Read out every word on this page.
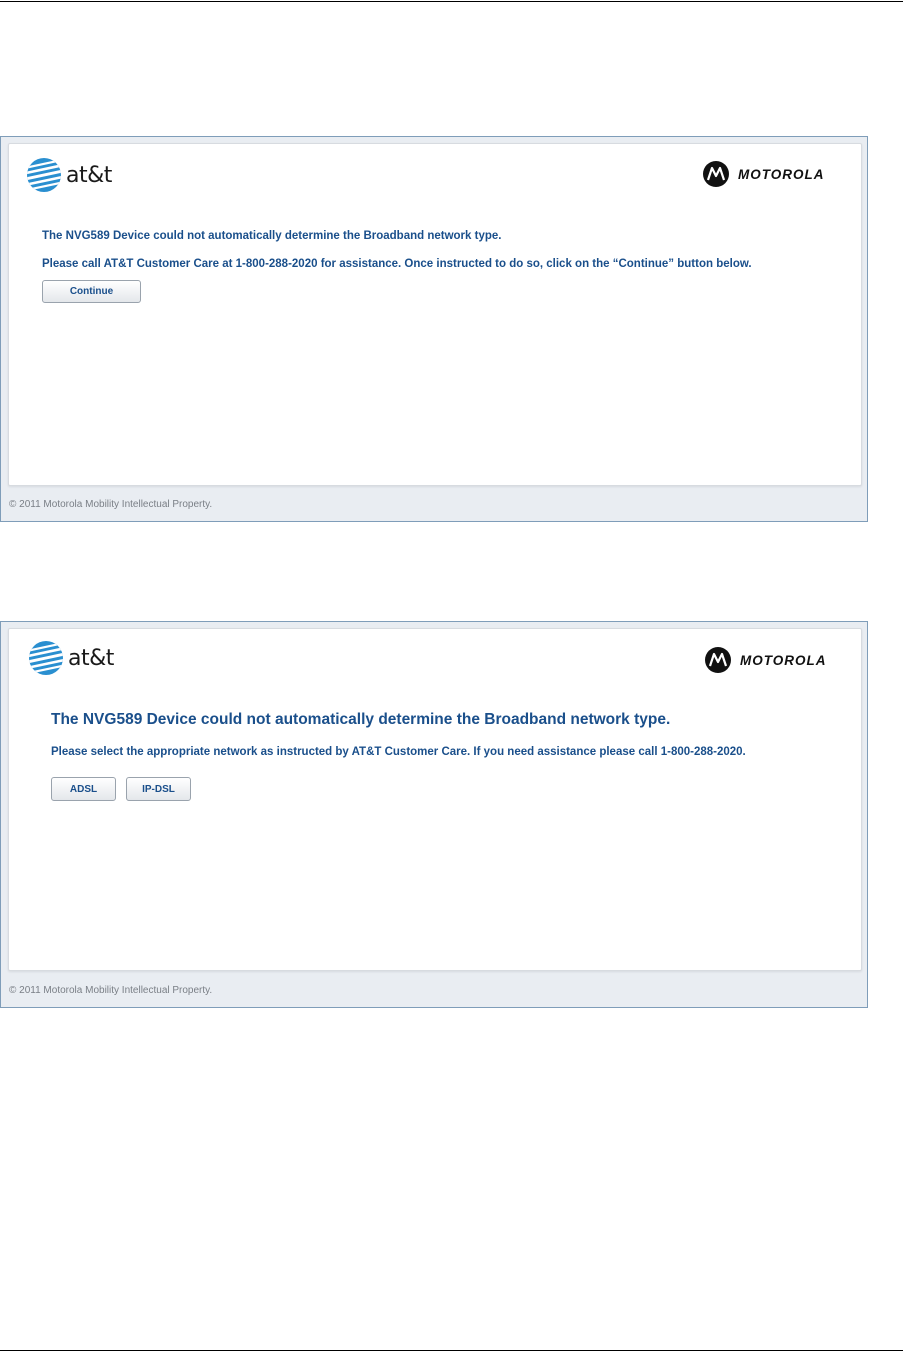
at&t	MOTOROLA
The NVG589 Device could not automatically determine the Broadband network type.
Please call AT&T Customer Care at 1-800-288-2020 for assistance. Once instructed to do so, click on the “Continue” button below.
Continue
© 2011 Motorola Mobility Intellectual Property.
at&t	MOTOROLA
The NVG589 Device could not automatically determine the Broadband network type.
Please select the appropriate network as instructed by AT&T Customer Care. If you need assistance please call 1-800-288-2020.
ADSL	IP-DSL
© 2011 Motorola Mobility Intellectual Property.
